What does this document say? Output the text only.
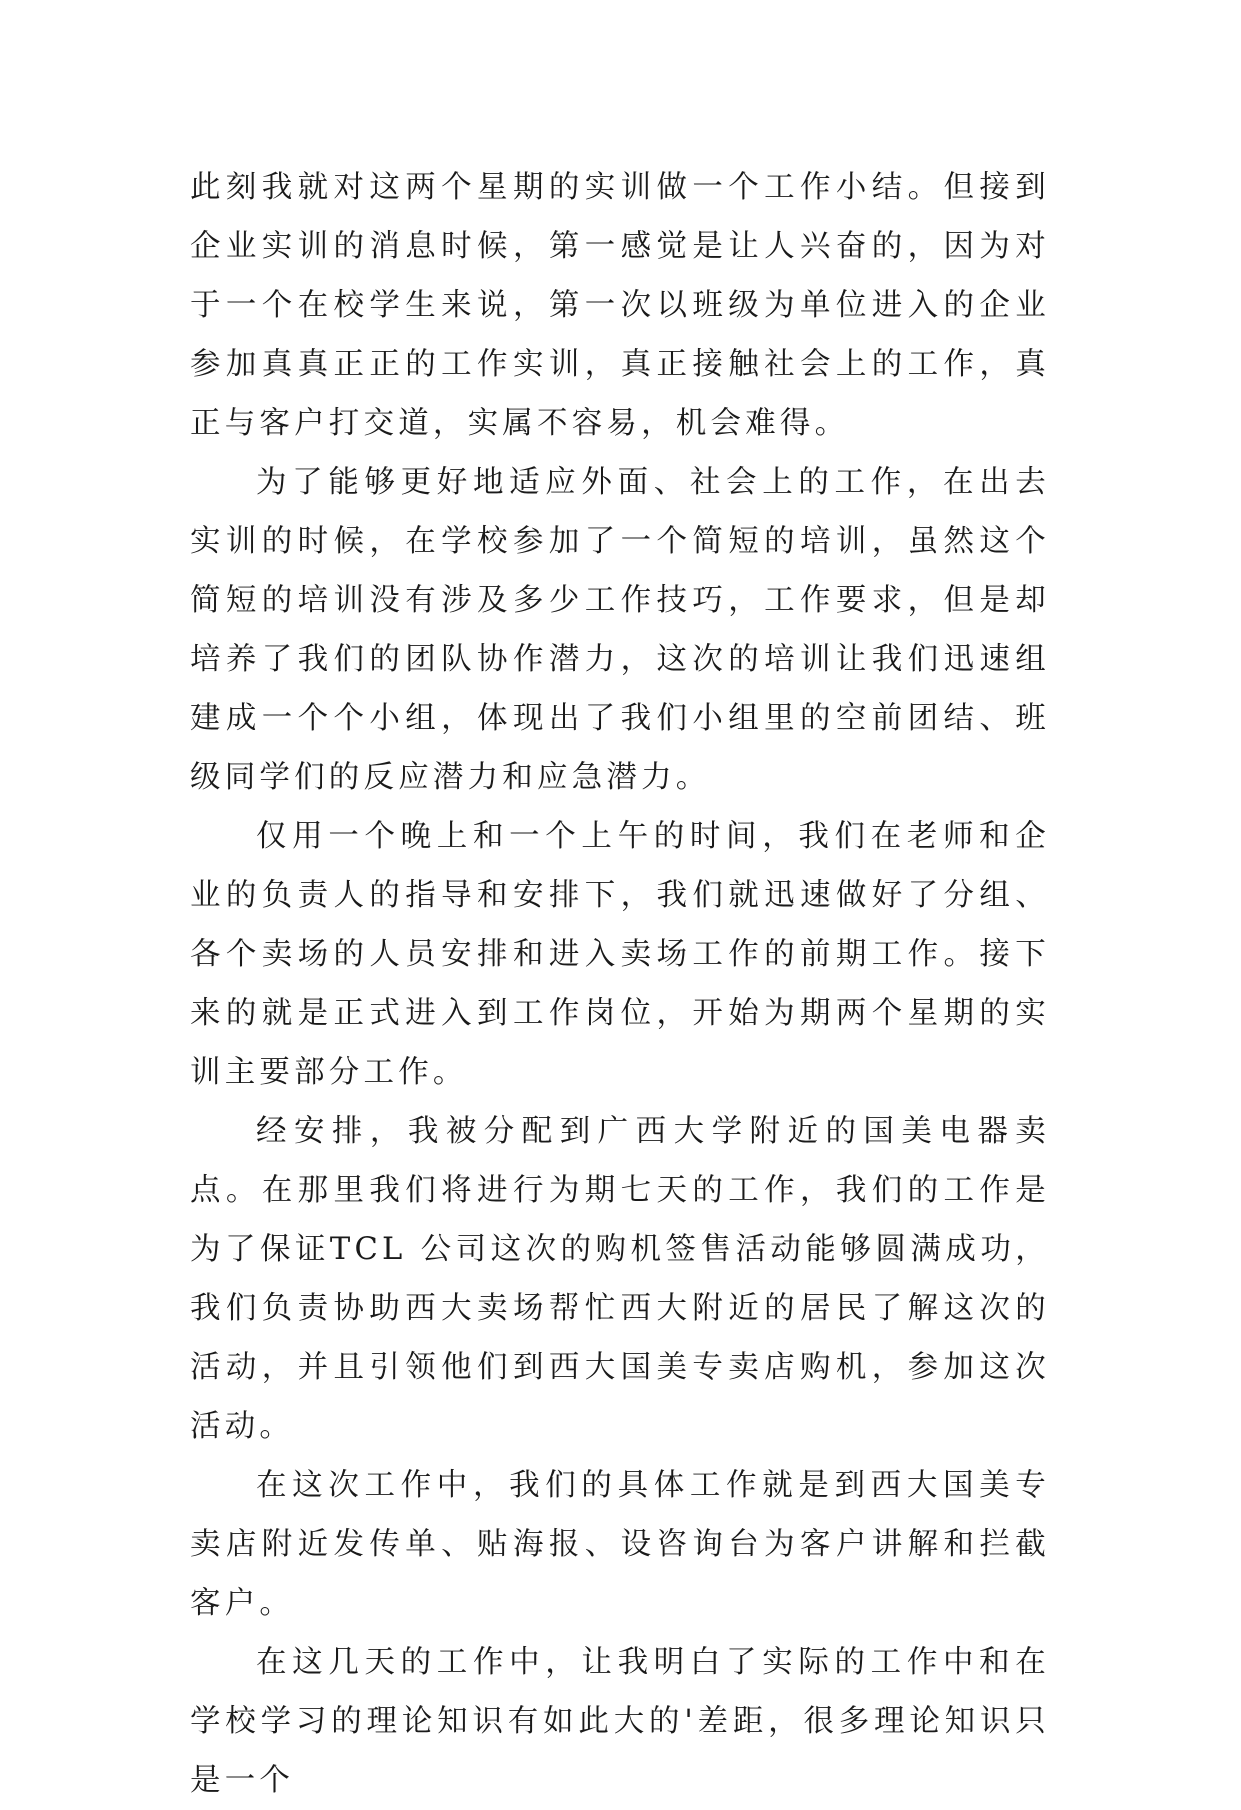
此刻我就对这两个星期的实训做一个工作小结。但接到企业实训的消息时候，第一感觉是让人兴奋的，因为对于一个在校学生来说，第一次以班级为单位进入的企业参加真真正正的工作实训，真正接触社会上的工作，真正与客户打交道，实属不容易，机会难得。

为了能够更好地适应外面、社会上的工作，在出去实训的时候，在学校参加了一个简短的培训，虽然这个简短的培训没有涉及多少工作技巧，工作要求，但是却培养了我们的团队协作潜力，这次的培训让我们迅速组建成一个个小组，体现出了我们小组里的空前团结、班级同学们的反应潜力和应急潜力。

仅用一个晚上和一个上午的时间，我们在老师和企业的负责人的指导和安排下，我们就迅速做好了分组、各个卖场的人员安排和进入卖场工作的前期工作。接下来的就是正式进入到工作岗位，开始为期两个星期的实训主要部分工作。

经安排，我被分配到广西大学附近的国美电器卖点。在那里我们将进行为期七天的工作，我们的工作是为了保证TCL 公司这次的购机签售活动能够圆满成功，我们负责协助西大卖场帮忙西大附近的居民了解这次的活动，并且引领他们到西大国美专卖店购机，参加这次活动。

在这次工作中，我们的具体工作就是到西大国美专卖店附近发传单、贴海报、设咨询台为客户讲解和拦截客户。

在这几天的工作中，让我明白了实际的工作中和在学校学习的理论知识有如此大的'差距，很多理论知识只是一个
